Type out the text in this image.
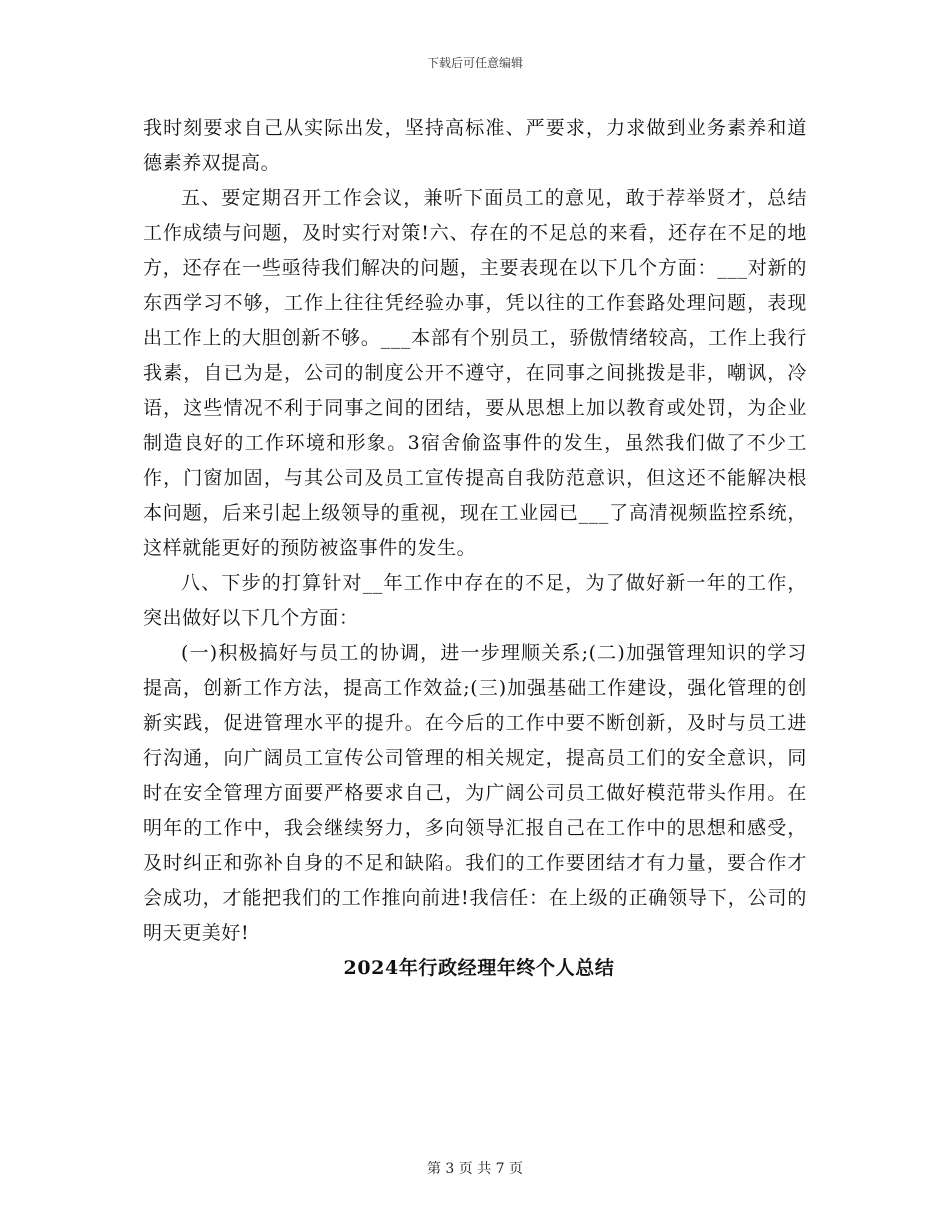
下载后可任意编辑

我时刻要求自己从实际出发，坚持高标准、严要求，力求做到业务素养和道德素养双提高。

五、要定期召开工作会议，兼听下面员工的意见，敢于荐举贤才，总结工作成绩与问题，及时实行对策!六、存在的不足总的来看，还存在不足的地方，还存在一些亟待我们解决的问题，主要表现在以下几个方面：___对新的东西学习不够，工作上往往凭经验办事，凭以往的工作套路处理问题，表现出工作上的大胆创新不够。___本部有个别员工，骄傲情绪较高，工作上我行我素，自已为是，公司的制度公开不遵守，在同事之间挑拨是非，嘲讽，冷语，这些情况不利于同事之间的团结，要从思想上加以教育或处罚，为企业制造良好的工作环境和形象。3宿舍偷盗事件的发生，虽然我们做了不少工作，门窗加固，与其公司及员工宣传提高自我防范意识，但这还不能解决根本问题，后来引起上级领导的重视，现在工业园已___了高清视频监控系统，这样就能更好的预防被盗事件的发生。

八、下步的打算针对__年工作中存在的不足，为了做好新一年的工作，突出做好以下几个方面：

(一)积极搞好与员工的协调，进一步理顺关系;(二)加强管理知识的学习提高，创新工作方法，提高工作效益;(三)加强基础工作建设，强化管理的创新实践，促进管理水平的提升。在今后的工作中要不断创新，及时与员工进行沟通，向广阔员工宣传公司管理的相关规定，提高员工们的安全意识，同时在安全管理方面要严格要求自己，为广阔公司员工做好模范带头作用。在明年的工作中，我会继续努力，多向领导汇报自己在工作中的思想和感受，及时纠正和弥补自身的不足和缺陷。我们的工作要团结才有力量，要合作才会成功，才能把我们的工作推向前进!我信任：在上级的正确领导下，公司的明天更美好!

2024年行政经理年终个人总结
第 3 页 共 7 页
